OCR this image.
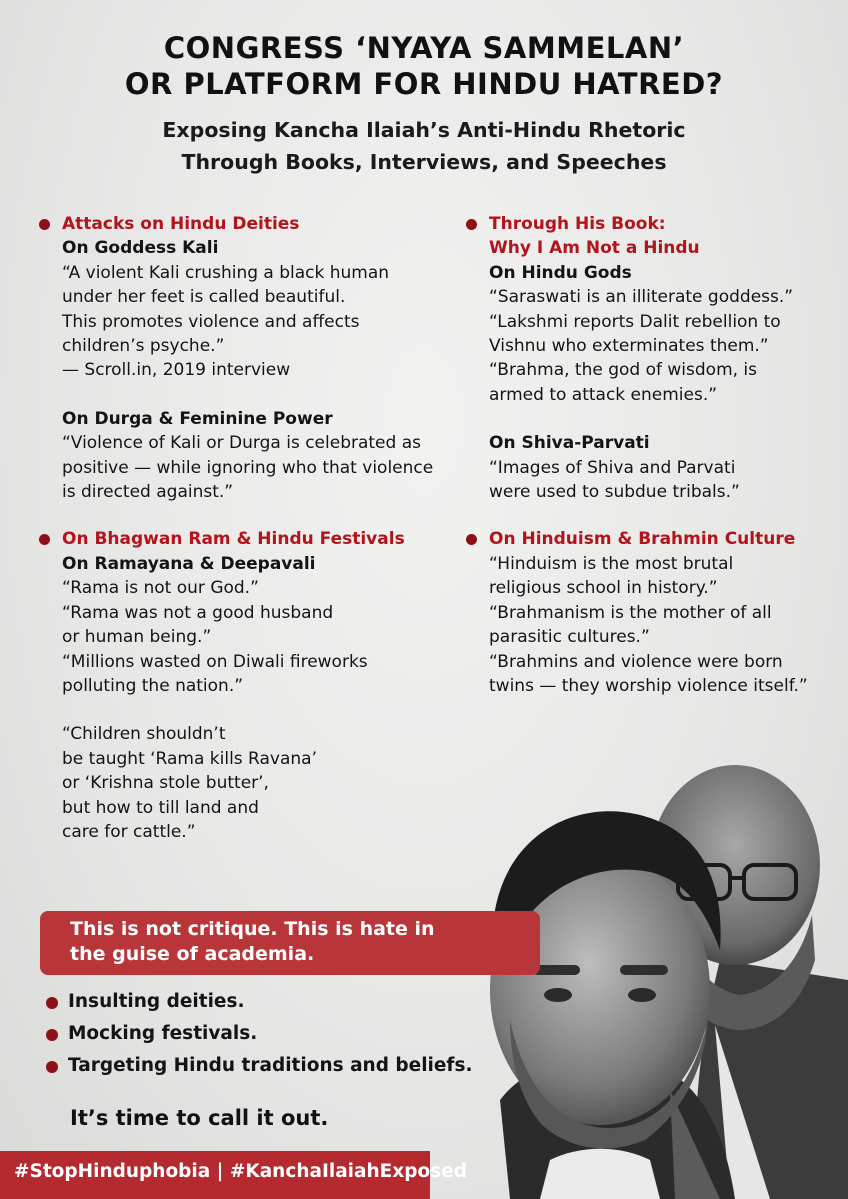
CONGRESS ‘NYAYA SAMMELAN’
OR PLATFORM FOR HINDU HATRED?
Exposing Kancha Ilaiah’s Anti-Hindu Rhetoric
Through Books, Interviews, and Speeches
Attacks on Hindu Deities
On Goddess Kali
“A violent Kali crushing a black human
under her feet is called beautiful.
This promotes violence and affects
children’s psyche.”
— Scroll.in, 2019 interview
On Durga & Feminine Power
“Violence of Kali or Durga is celebrated as
positive — while ignoring who that violence
is directed against.”
On Bhagwan Ram & Hindu Festivals
On Ramayana & Deepavali
“Rama is not our God.”
“Rama was not a good husband
or human being.”
“Millions wasted on Diwali fireworks
polluting the nation.”
“Children shouldn’t
be taught ‘Rama kills Ravana’
or ‘Krishna stole butter’,
but how to till land and
care for cattle.”
Through His Book:
Why I Am Not a Hindu
On Hindu Gods
“Saraswati is an illiterate goddess.”
“Lakshmi reports Dalit rebellion to
Vishnu who exterminates them.”
“Brahma, the god of wisdom, is
armed to attack enemies.”
On Shiva-Parvati
“Images of Shiva and Parvati
were used to subdue tribals.”
On Hinduism & Brahmin Culture
“Hinduism is the most brutal
religious school in history.”
“Brahmanism is the mother of all
parasitic cultures.”
“Brahmins and violence were born
twins — they worship violence itself.”
This is not critique. This is hate in
the guise of academia.
Insulting deities.
Mocking festivals.
Targeting Hindu traditions and beliefs.
It’s time to call it out.
#StopHinduphobia | #KanchaIlaiahExposed
